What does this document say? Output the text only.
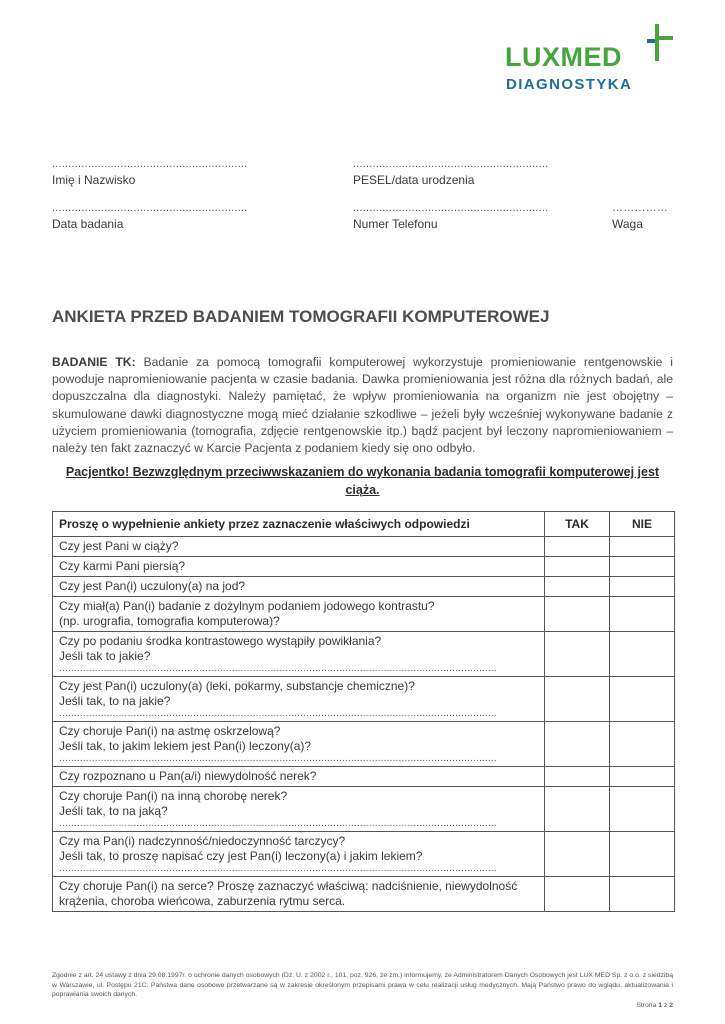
LUXMED
DIAGNOSTYKA
............................................................
Imię i Nazwisko
............................................................
PESEL/data urodzenia
............................................................
Data badania
............................................................
Numer Telefonu
……………
Waga
ANKIETA PRZED BADANIEM TOMOGRAFII KOMPUTEROWEJ
BADANIE TK: Badanie za pomocą tomografii komputerowej wykorzystuje promieniowanie rentgenowskie i powoduje napromieniowanie pacjenta w czasie badania. Dawka promieniowania jest różna dla różnych badań, ale dopuszczalna dla diagnostyki. Należy pamiętać, że wpływ promieniowania na organizm nie jest obojętny – skumulowane dawki diagnostyczne mogą mieć działanie szkodliwe – jeżeli były wcześniej wykonywane badanie z użyciem promieniowania (tomografia, zdjęcie rentgenowskie itp.) bądź pacjent był leczony napromieniowaniem – należy ten fakt zaznaczyć w Karcie Pacjenta z podaniem kiedy się ono odbyło.
Pacjentko! Bezwzględnym przeciwwskazaniem do wykonania badania tomografii komputerowej jest ciąża.
Proszę o wypełnienie ankiety przez zaznaczenie właściwych odpowiedzi	TAK	NIE

Czy jest Pani w ciąży?		

Czy karmi Pani piersią?		

Czy jest Pan(i) uczulony(a) na jod?		

Czy miał(a) Pan(i) badanie z dożylnym podaniem jodowego kontrastu?
(np. urografia, tomografia komputerowa)?		

Czy po podaniu środka kontrastowego wystąpiły powikłania?
Jeśli tak to jakie?
...................................................................................................................................................		

Czy jest Pan(i) uczulony(a) (leki, pokarmy, substancje chemiczne)?
Jeśli tak, to na jakie?
...................................................................................................................................................		

Czy choruje Pan(i) na astmę oskrzelową?
Jeśli tak, to jakim lekiem jest Pan(i) leczony(a)?
...................................................................................................................................................		

Czy rozpoznano u Pan(a/i) niewydolność nerek?		

Czy choruje Pan(i) na inną chorobę nerek?
Jeśli tak, to na jaką?
...................................................................................................................................................		

Czy ma Pan(i) nadczynność/niedoczynność tarczycy?
Jeśli tak, to proszę napisać czy jest Pan(i) leczony(a) i jakim lekiem?
...................................................................................................................................................		

Czy choruje Pan(i) na serce? Proszę zaznaczyć właściwą: nadciśnienie, niewydolność
krążenia, choroba wieńcowa, zaburzenia rytmu serca.		

Zgodnie z art. 24 ustawy z dnia 29.08.1997r. o ochronie danych osobowych (Dz. U. z 2002 r., 101, poz. 926, ze zm.) informujemy, że Administratorem Danych Osobowych jest LUX MED Sp. z o.o. z siedzibą w Warszawie, ul. Postępu 21C. Państwa dane osobowe przetwarzane są w zakresie określonym przepisami prawa w celu realizacji usług medycznych. Mają Państwo prawo do wglądu, aktualizowania i poprawiania swoich danych.
Strona 1 z 2
